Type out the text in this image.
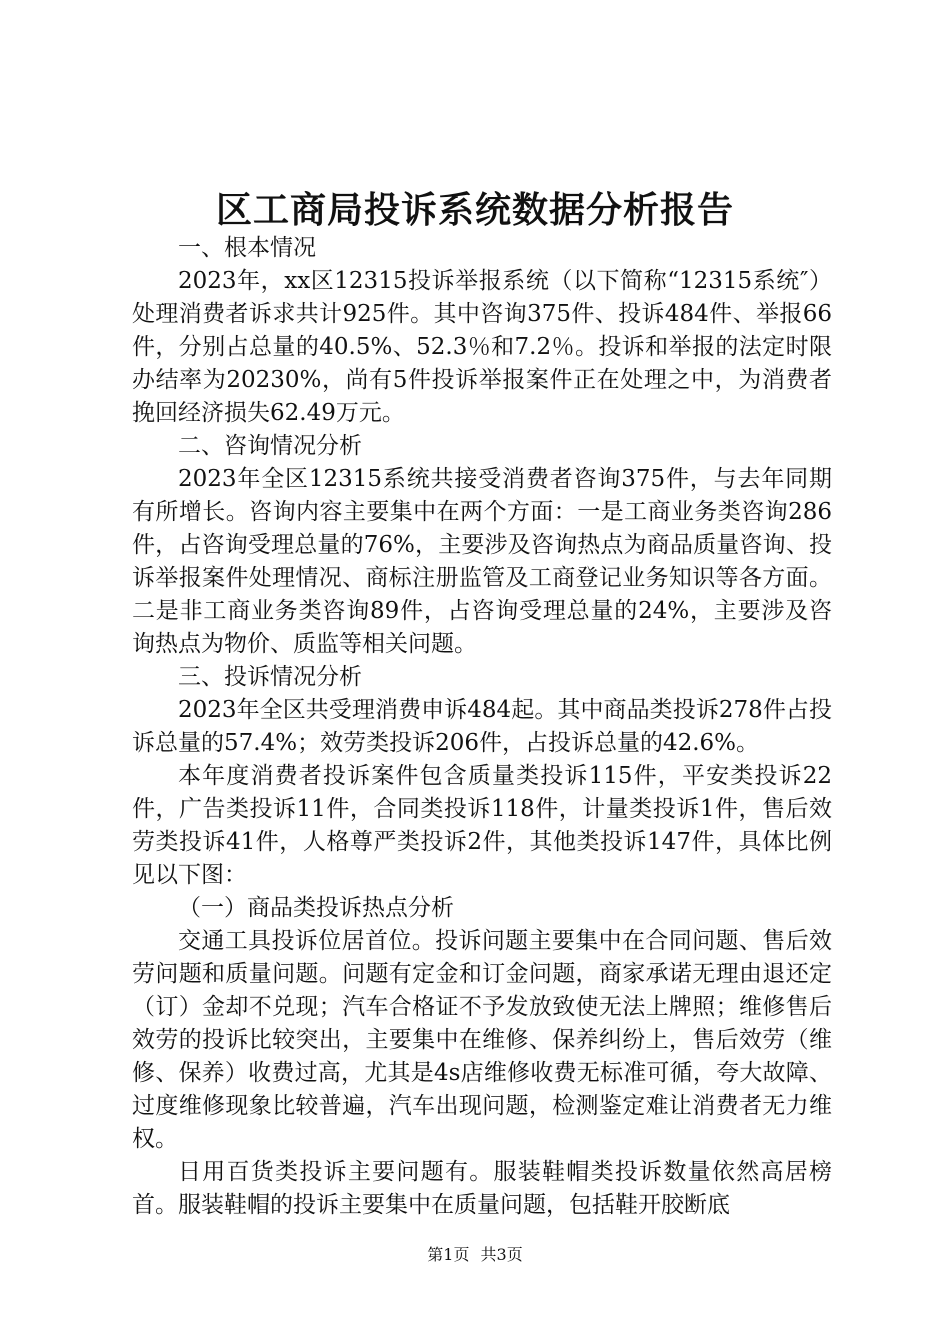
区工商局投诉系统数据分析报告
一、根本情况
2023年，xx区12315投诉举报系统（以下简称“12315系统″）处理消费者诉求共计925件。其中咨询375件、投诉484件、举报66件，分别占总量的40.5%、52.3％和7.2％。投诉和举报的法定时限办结率为20230%，尚有5件投诉举报案件正在处理之中，为消费者挽回经济损失62.49万元。
二、咨询情况分析
2023年全区12315系统共接受消费者咨询375件，与去年同期有所增长。咨询内容主要集中在两个方面：一是工商业务类咨询286件，占咨询受理总量的76%，主要涉及咨询热点为商品质量咨询、投诉举报案件处理情况、商标注册监管及工商登记业务知识等各方面。二是非工商业务类咨询89件，占咨询受理总量的24%，主要涉及咨询热点为物价、质监等相关问题。
三、投诉情况分析
2023年全区共受理消费申诉484起。其中商品类投诉278件占投诉总量的57.4%；效劳类投诉206件，占投诉总量的42.6%。
本年度消费者投诉案件包含质量类投诉115件，平安类投诉22件，广告类投诉11件，合同类投诉118件，计量类投诉1件，售后效劳类投诉41件，人格尊严类投诉2件，其他类投诉147件，具体比例见以下图：
（一）商品类投诉热点分析
交通工具投诉位居首位。投诉问题主要集中在合同问题、售后效劳问题和质量问题。问题有定金和订金问题，商家承诺无理由退还定（订）金却不兑现；汽车合格证不予发放致使无法上牌照；维修售后效劳的投诉比较突出，主要集中在维修、保养纠纷上，售后效劳（维修、保养）收费过高，尤其是4s店维修收费无标准可循，夸大故障、过度维修现象比较普遍，汽车出现问题，检测鉴定难让消费者无力维权。
日用百货类投诉主要问题有。服装鞋帽类投诉数量依然高居榜首。服装鞋帽的投诉主要集中在质量问题，包括鞋开胶断底
第1页 共3页
